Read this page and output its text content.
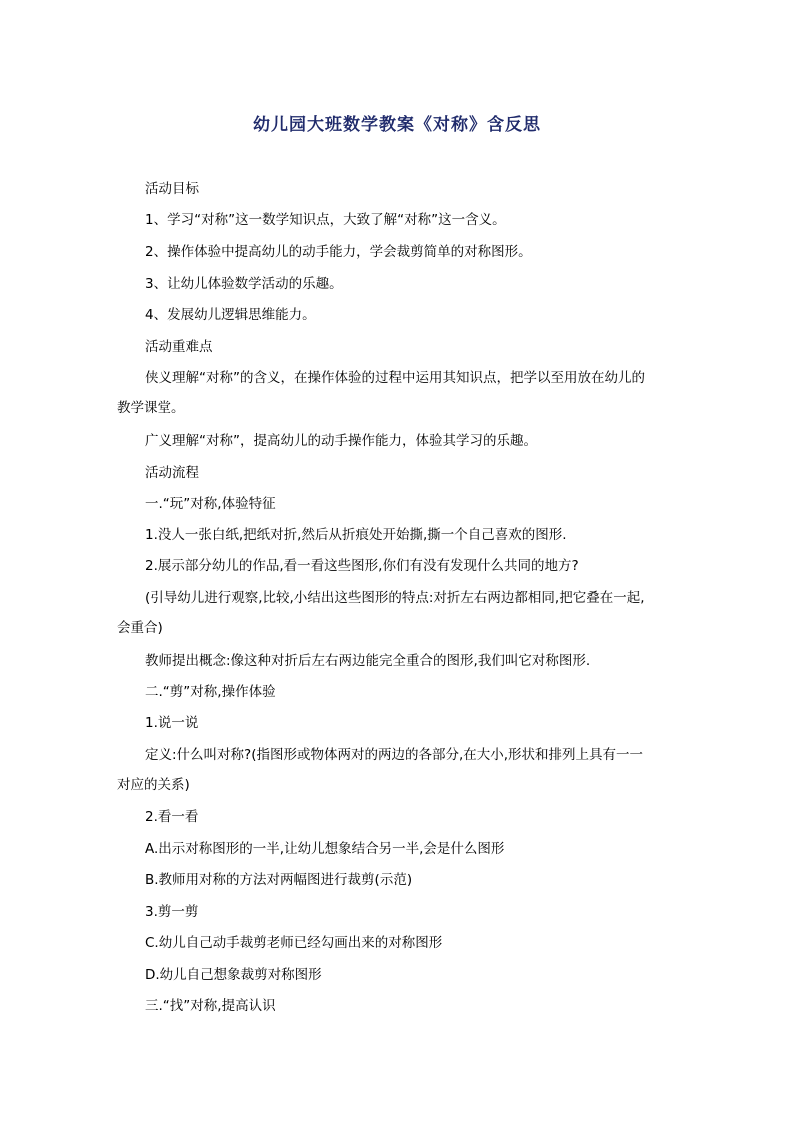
幼儿园大班数学教案《对称》含反思
活动目标
1、学习“对称”这一数学知识点，大致了解“对称”这一含义。
2、操作体验中提高幼儿的动手能力，学会裁剪简单的对称图形。
3、让幼儿体验数学活动的乐趣。
4、发展幼儿逻辑思维能力。
活动重难点
侠义理解“对称”的含义，在操作体验的过程中运用其知识点，把学以至用放在幼儿的
教学课堂。
广义理解“对称”，提高幼儿的动手操作能力，体验其学习的乐趣。
活动流程
一.“玩”对称,体验特征
1.没人一张白纸,把纸对折,然后从折痕处开始撕,撕一个自己喜欢的图形.
2.展示部分幼儿的作品,看一看这些图形,你们有没有发现什么共同的地方?
(引导幼儿进行观察,比较,小结出这些图形的特点:对折左右两边都相同,把它叠在一起,
会重合)
教师提出概念:像这种对折后左右两边能完全重合的图形,我们叫它对称图形.
二.“剪”对称,操作体验
1.说一说
定义:什么叫对称?(指图形或物体两对的两边的各部分,在大小,形状和排列上具有一一
对应的关系)
2.看一看
A.出示对称图形的一半,让幼儿想象结合另一半,会是什么图形
B.教师用对称的方法对两幅图进行裁剪(示范)
3.剪一剪
C.幼儿自己动手裁剪老师已经勾画出来的对称图形
D.幼儿自己想象裁剪对称图形
三.“找”对称,提高认识
